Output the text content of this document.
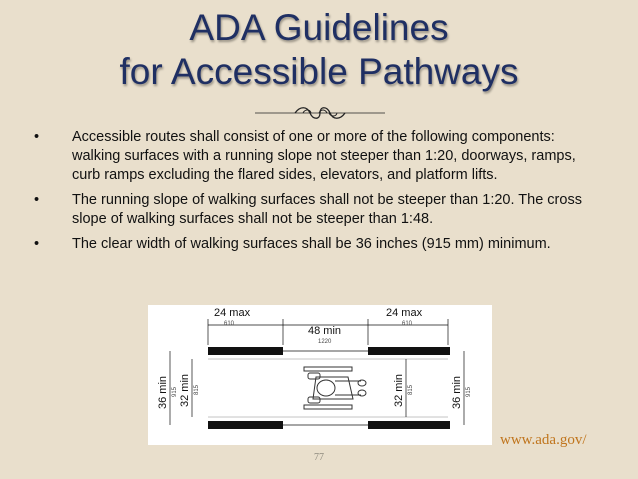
ADA Guidelines
for Accessible Pathways
• Accessible routes shall consist of one or more of the following components: walking surfaces with a running slope not steeper than 1:20, doorways, ramps, curb ramps excluding the flared sides, elevators, and platform lifts.
• The running slope of walking surfaces shall not be steeper than 1:20. The cross slope of walking surfaces shall not be steeper than 1:48.
• The clear width of walking surfaces shall be 36 inches (915 mm) minimum.
24 max
610
48 min
1220
24 max
610
36 min 915 32 min 815	32 min 815	36 min 915
www.ada.gov/
77
